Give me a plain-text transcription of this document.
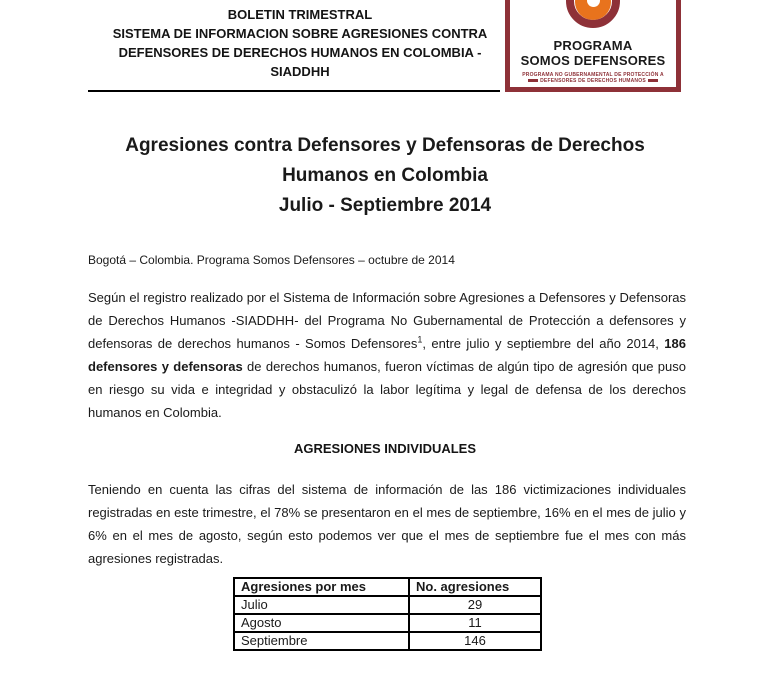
BOLETIN TRIMESTRAL
SISTEMA DE INFORMACION SOBRE AGRESIONES CONTRA
DEFENSORES DE DERECHOS HUMANOS EN COLOMBIA -
SIADDHH
PROGRAMA
SOMOS DEFENSORES
PROGRAMA NO GUBERNAMENTAL DE PROTECCIÓN A
DEFENSORES DE DERECHOS HUMANOS
Agresiones contra Defensores y Defensoras de Derechos
Humanos en Colombia
Julio - Septiembre 2014
Bogotá – Colombia. Programa Somos Defensores – octubre de 2014

Según el registro realizado por el Sistema de Información sobre Agresiones a Defensores y Defensoras de Derechos Humanos -SIADDHH- del Programa No Gubernamental de Protección a defensores y defensoras de derechos humanos - Somos Defensores$^1$, entre julio y septiembre del año 2014, 186 defensores y defensoras de derechos humanos, fueron víctimas de algún tipo de agresión que puso en riesgo su vida e integridad y obstaculizó la labor legítima y legal de defensa de los derechos humanos en Colombia.

AGRESIONES INDIVIDUALES

Teniendo en cuenta las cifras del sistema de información de las 186 victimizaciones individuales registradas en este trimestre, el 78% se presentaron en el mes de septiembre, 16% en el mes de julio y 6% en el mes de agosto, según esto podemos ver que el mes de septiembre fue el mes con más agresiones registradas.

Agresiones por mes	No. agresiones
Julio	29
Agosto	11
Septiembre	146
